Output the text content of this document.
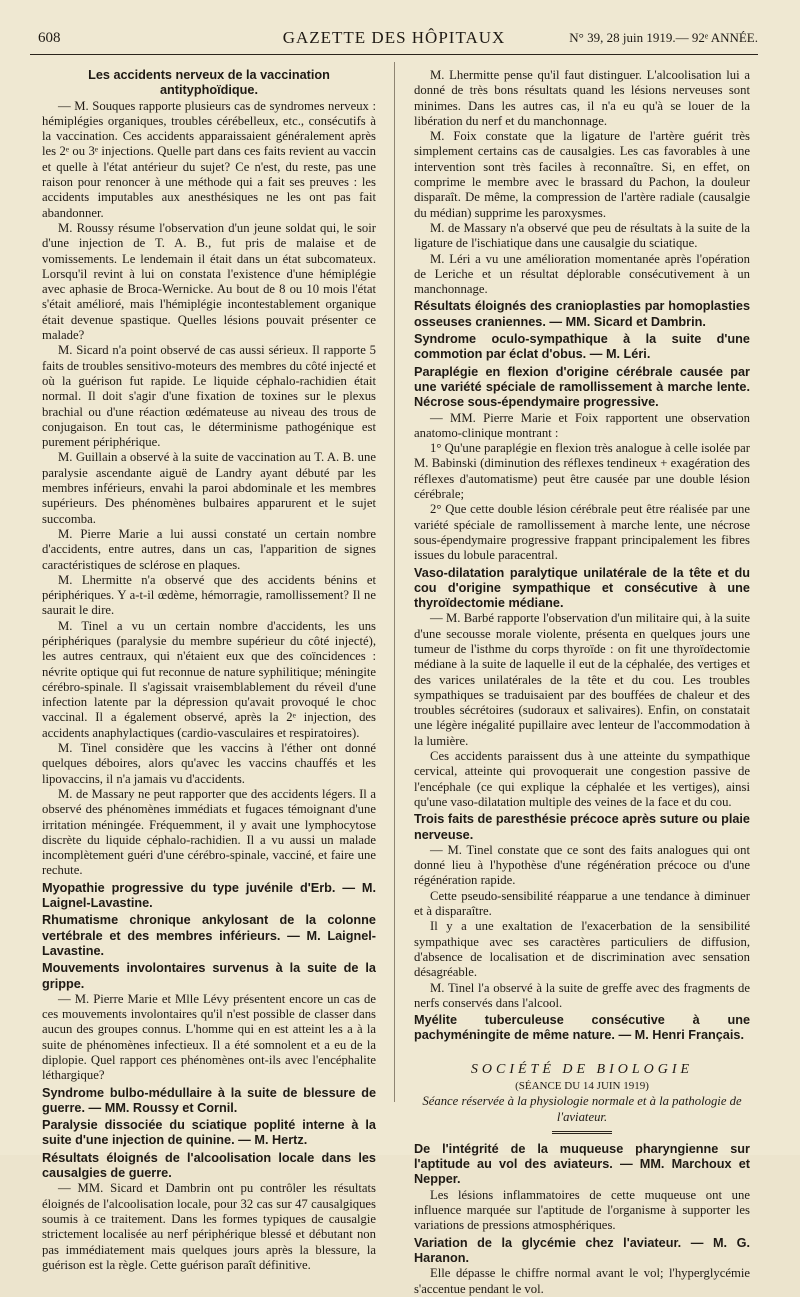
608	GAZETTE DES HÔPITAUX	N° 39, 28 juin 1919.— 92ᵉ ANNÉE.
Les accidents nerveux de la vaccination antityphoïdique.

— M. Souques rapporte plusieurs cas de syndromes nerveux : hémiplégies organiques, troubles cérébelleux, etc., consécutifs à la vaccination. Ces accidents apparaissaient généralement après les 2ᵉ ou 3ᵉ injections. Quelle part dans ces faits revient au vaccin et quelle à l'état antérieur du sujet? Ce n'est, du reste, pas une raison pour renoncer à une méthode qui a fait ses preuves : les accidents imputables aux anesthésiques ne les ont pas fait abandonner.

M. Roussy résume l'observation d'un jeune soldat qui, le soir d'une injection de T. A. B., fut pris de malaise et de vomissements. Le lendemain il était dans un état subcomateux. Lorsqu'il revint à lui on constata l'existence d'une hémiplégie avec aphasie de Broca-Wernicke. Au bout de 8 ou 10 mois l'état s'était amélioré, mais l'hémiplégie incontestablement organique était devenue spastique. Quelles lésions pouvait présenter ce malade?

M. Sicard n'a point observé de cas aussi sérieux. Il rapporte 5 faits de troubles sensitivo-moteurs des membres du côté injecté et où la guérison fut rapide. Le liquide céphalo-rachidien était normal. Il doit s'agir d'une fixation de toxines sur le plexus brachial ou d'une réaction œdémateuse au niveau des trous de conjugaison. En tout cas, le déterminisme pathogénique est purement périphérique.

M. Guillain a observé à la suite de vaccination au T. A. B. une paralysie ascendante aiguë de Landry ayant débuté par les membres inférieurs, envahi la paroi abdominale et les membres supérieurs. Des phénomènes bulbaires apparurent et le sujet succomba.

M. Pierre Marie a lui aussi constaté un certain nombre d'accidents, entre autres, dans un cas, l'apparition de signes caractéristiques de sclérose en plaques.

M. Lhermitte n'a observé que des accidents bénins et périphériques. Y a-t-il œdème, hémorragie, ramollissement? Il ne saurait le dire.

M. Tinel a vu un certain nombre d'accidents, les uns périphériques (paralysie du membre supérieur du côté injecté), les autres centraux, qui n'étaient eux que des coïncidences : névrite optique qui fut reconnue de nature syphilitique; méningite cérébro-spinale. Il s'agissait vraisemblablement du réveil d'une infection latente par la dépression qu'avait provoqué le choc vaccinal. Il a également observé, après la 2ᵉ injection, des accidents anaphylactiques (cardio-vasculaires et respiratoires).

M. Tinel considère que les vaccins à l'éther ont donné quelques déboires, alors qu'avec les vaccins chauffés et les lipovaccins, il n'a jamais vu d'accidents.

M. de Massary ne peut rapporter que des accidents légers. Il a observé des phénomènes immédiats et fugaces témoignant d'une irritation méningée. Fréquemment, il y avait une lymphocytose discrète du liquide céphalo-rachidien. Il a vu aussi un malade incomplètement guéri d'une cérébro-spinale, vacciné, et faire une rechute.

Myopathie progressive du type juvénile d'Erb. — M. Laignel-Lavastine.
Rhumatisme chronique ankylosant de la colonne vertébrale et des membres inférieurs. — M. Laignel-Lavastine.
Mouvements involontaires survenus à la suite de la grippe.

— M. Pierre Marie et Mlle Lévy présentent encore un cas de ces mouvements involontaires qu'il n'est possible de classer dans aucun des groupes connus. L'homme qui en est atteint les a à la suite de phénomènes infectieux. Il a été somnolent et a eu de la diplopie. Quel rapport ces phénomènes ont-ils avec l'encéphalite léthargique?

Syndrome bulbo-médullaire à la suite de blessure de guerre. — MM. Roussy et Cornil.
Paralysie dissociée du sciatique poplité interne à la suite d'une injection de quinine. — M. Hertz.
Résultats éloignés de l'alcoolisation locale dans les causalgies de guerre.

— MM. Sicard et Dambrin ont pu contrôler les résultats éloignés de l'alcoolisation locale, pour 32 cas sur 47 causalgiques soumis à ce traitement. Dans les formes typiques de causalgie strictement localisée au nerf périphérique blessé et débutant non pas immédiatement mais quelques jours après la blessure, la guérison est la règle. Cette guérison paraît définitive.

M. Lhermitte pense qu'il faut distinguer. L'alcoolisation lui a donné de très bons résultats quand les lésions nerveuses sont minimes. Dans les autres cas, il n'a eu qu'à se louer de la libération du nerf et du manchonnage.

M. Foix constate que la ligature de l'artère guérit très simplement certains cas de causalgies. Les cas favorables à une intervention sont très faciles à reconnaître. Si, en effet, on comprime le membre avec le brassard du Pachon, la douleur disparaît. De même, la compression de l'artère radiale (causalgie du médian) supprime les paroxysmes.

M. de Massary n'a observé que peu de résultats à la suite de la ligature de l'ischiatique dans une causalgie du sciatique.

M. Léri a vu une amélioration momentanée après l'opération de Leriche et un résultat déplorable consécutivement à un manchonnage.

Résultats éloignés des cranioplasties par homoplasties osseuses craniennes. — MM. Sicard et Dambrin.
Syndrome oculo-sympathique à la suite d'une commotion par éclat d'obus. — M. Léri.
Paraplégie en flexion d'origine cérébrale causée par une variété spéciale de ramollissement à marche lente. Nécrose sous-épendymaire progressive.

— MM. Pierre Marie et Foix rapportent une observation anatomo-clinique montrant :

1° Qu'une paraplégie en flexion très analogue à celle isolée par M. Babinski (diminution des réflexes tendineux + exagération des réflexes d'automatisme) peut être causée par une double lésion cérébrale;

2° Que cette double lésion cérébrale peut être réalisée par une variété spéciale de ramollissement à marche lente, une nécrose sous-épendymaire progressive frappant principalement les fibres issues du lobule paracentral.

Vaso-dilatation paralytique unilatérale de la tête et du cou d'origine sympathique et consécutive à une thyroïdectomie médiane.

— M. Barbé rapporte l'observation d'un militaire qui, à la suite d'une secousse morale violente, présenta en quelques jours une tumeur de l'isthme du corps thyroïde : on fit une thyroïdectomie médiane à la suite de laquelle il eut de la céphalée, des vertiges et des varices unilatérales de la tête et du cou. Les troubles sympathiques se traduisaient par des bouffées de chaleur et des troubles sécrétoires (sudoraux et salivaires). Enfin, on constatait une légère inégalité pupillaire avec lenteur de l'accommodation à la lumière.

Ces accidents paraissent dus à une atteinte du sympathique cervical, atteinte qui provoquerait une congestion passive de l'encéphale (ce qui explique la céphalée et les vertiges), ainsi qu'une vaso-dilatation multiple des veines de la face et du cou.

Trois faits de paresthésie précoce après suture ou plaie nerveuse.

— M. Tinel constate que ce sont des faits analogues qui ont donné lieu à l'hypothèse d'une régénération précoce ou d'une régénération rapide.

Cette pseudo-sensibilité réapparue a une tendance à diminuer et à disparaître.

Il y a une exaltation de l'exacerbation de la sensibilité sympathique avec ses caractères particuliers de diffusion, d'absence de localisation et de discrimination avec sensation désagréable.

M. Tinel l'a observé à la suite de greffe avec des fragments de nerfs conservés dans l'alcool.

Myélite tuberculeuse consécutive à une pachyméningite de même nature. — M. Henri Français.
SOCIÉTÉ DE BIOLOGIE
(SÉANCE DU 14 JUIN 1919)
Séance réservée à la physiologie normale et à la pathologie de l'aviateur.
De l'intégrité de la muqueuse pharyngienne sur l'aptitude au vol des aviateurs. — MM. Marchoux et Nepper.

Les lésions inflammatoires de cette muqueuse ont une influence marquée sur l'aptitude de l'organisme à supporter les variations de pressions atmosphériques.

Variation de la glycémie chez l'aviateur. — M. G. Haranon.

Elle dépasse le chiffre normal avant le vol; l'hyperglycémie s'accentue pendant le vol.
